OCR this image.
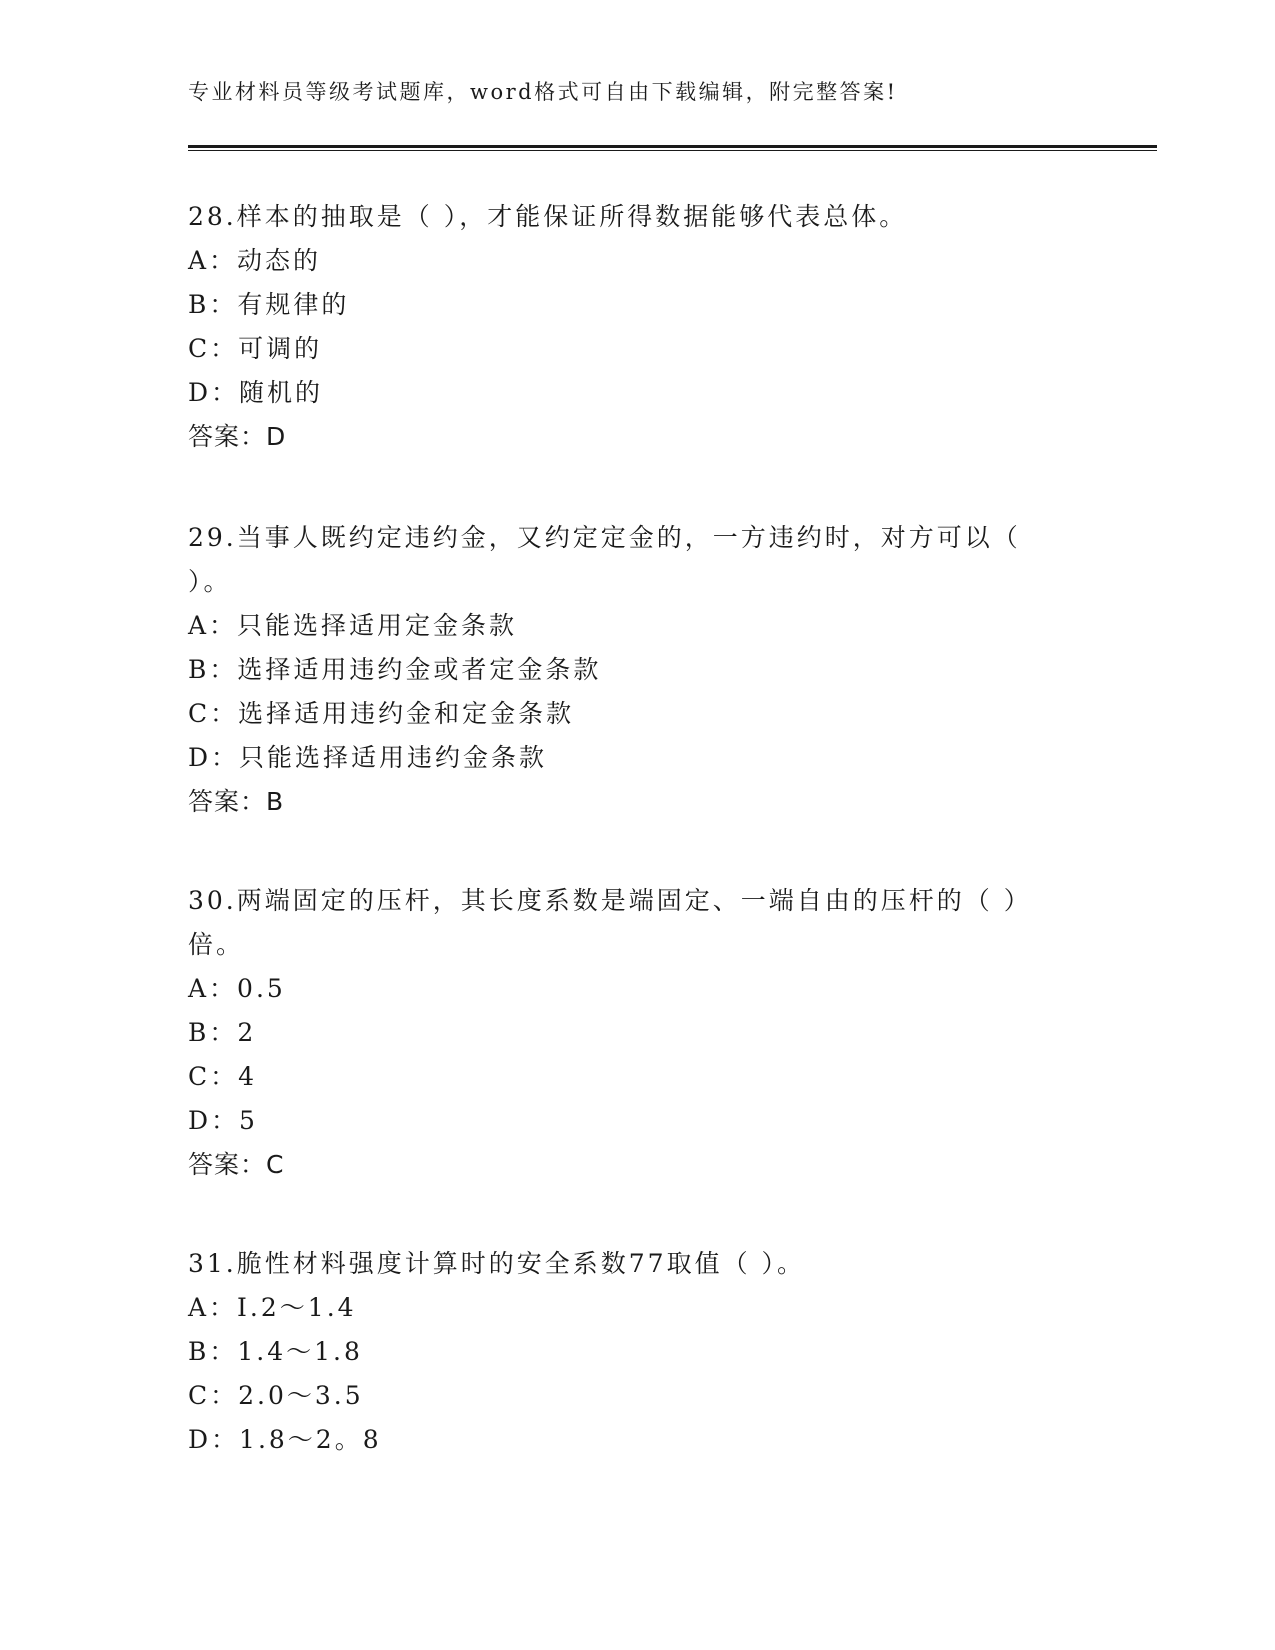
专业材料员等级考试题库，word格式可自由下载编辑，附完整答案!
28.样本的抽取是（ ），才能保证所得数据能够代表总体。
A：动态的
B：有规律的
C：可调的
D：随机的
答案：D
29.当事人既约定违约金，又约定定金的，一方违约时，对方可以（
）。
A：只能选择适用定金条款
B：选择适用违约金或者定金条款
C：选择适用违约金和定金条款
D：只能选择适用违约金条款
答案：B
30.两端固定的压杆，其长度系数是端固定、一端自由的压杆的（ ）
倍。
A：0.5
B：2
C：4
D：5
答案：C
31.脆性材料强度计算时的安全系数77取值（ ）。
A：I.2～1.4
B：1.4～1.8
C：2.0～3.5
D：1.8～2。8
